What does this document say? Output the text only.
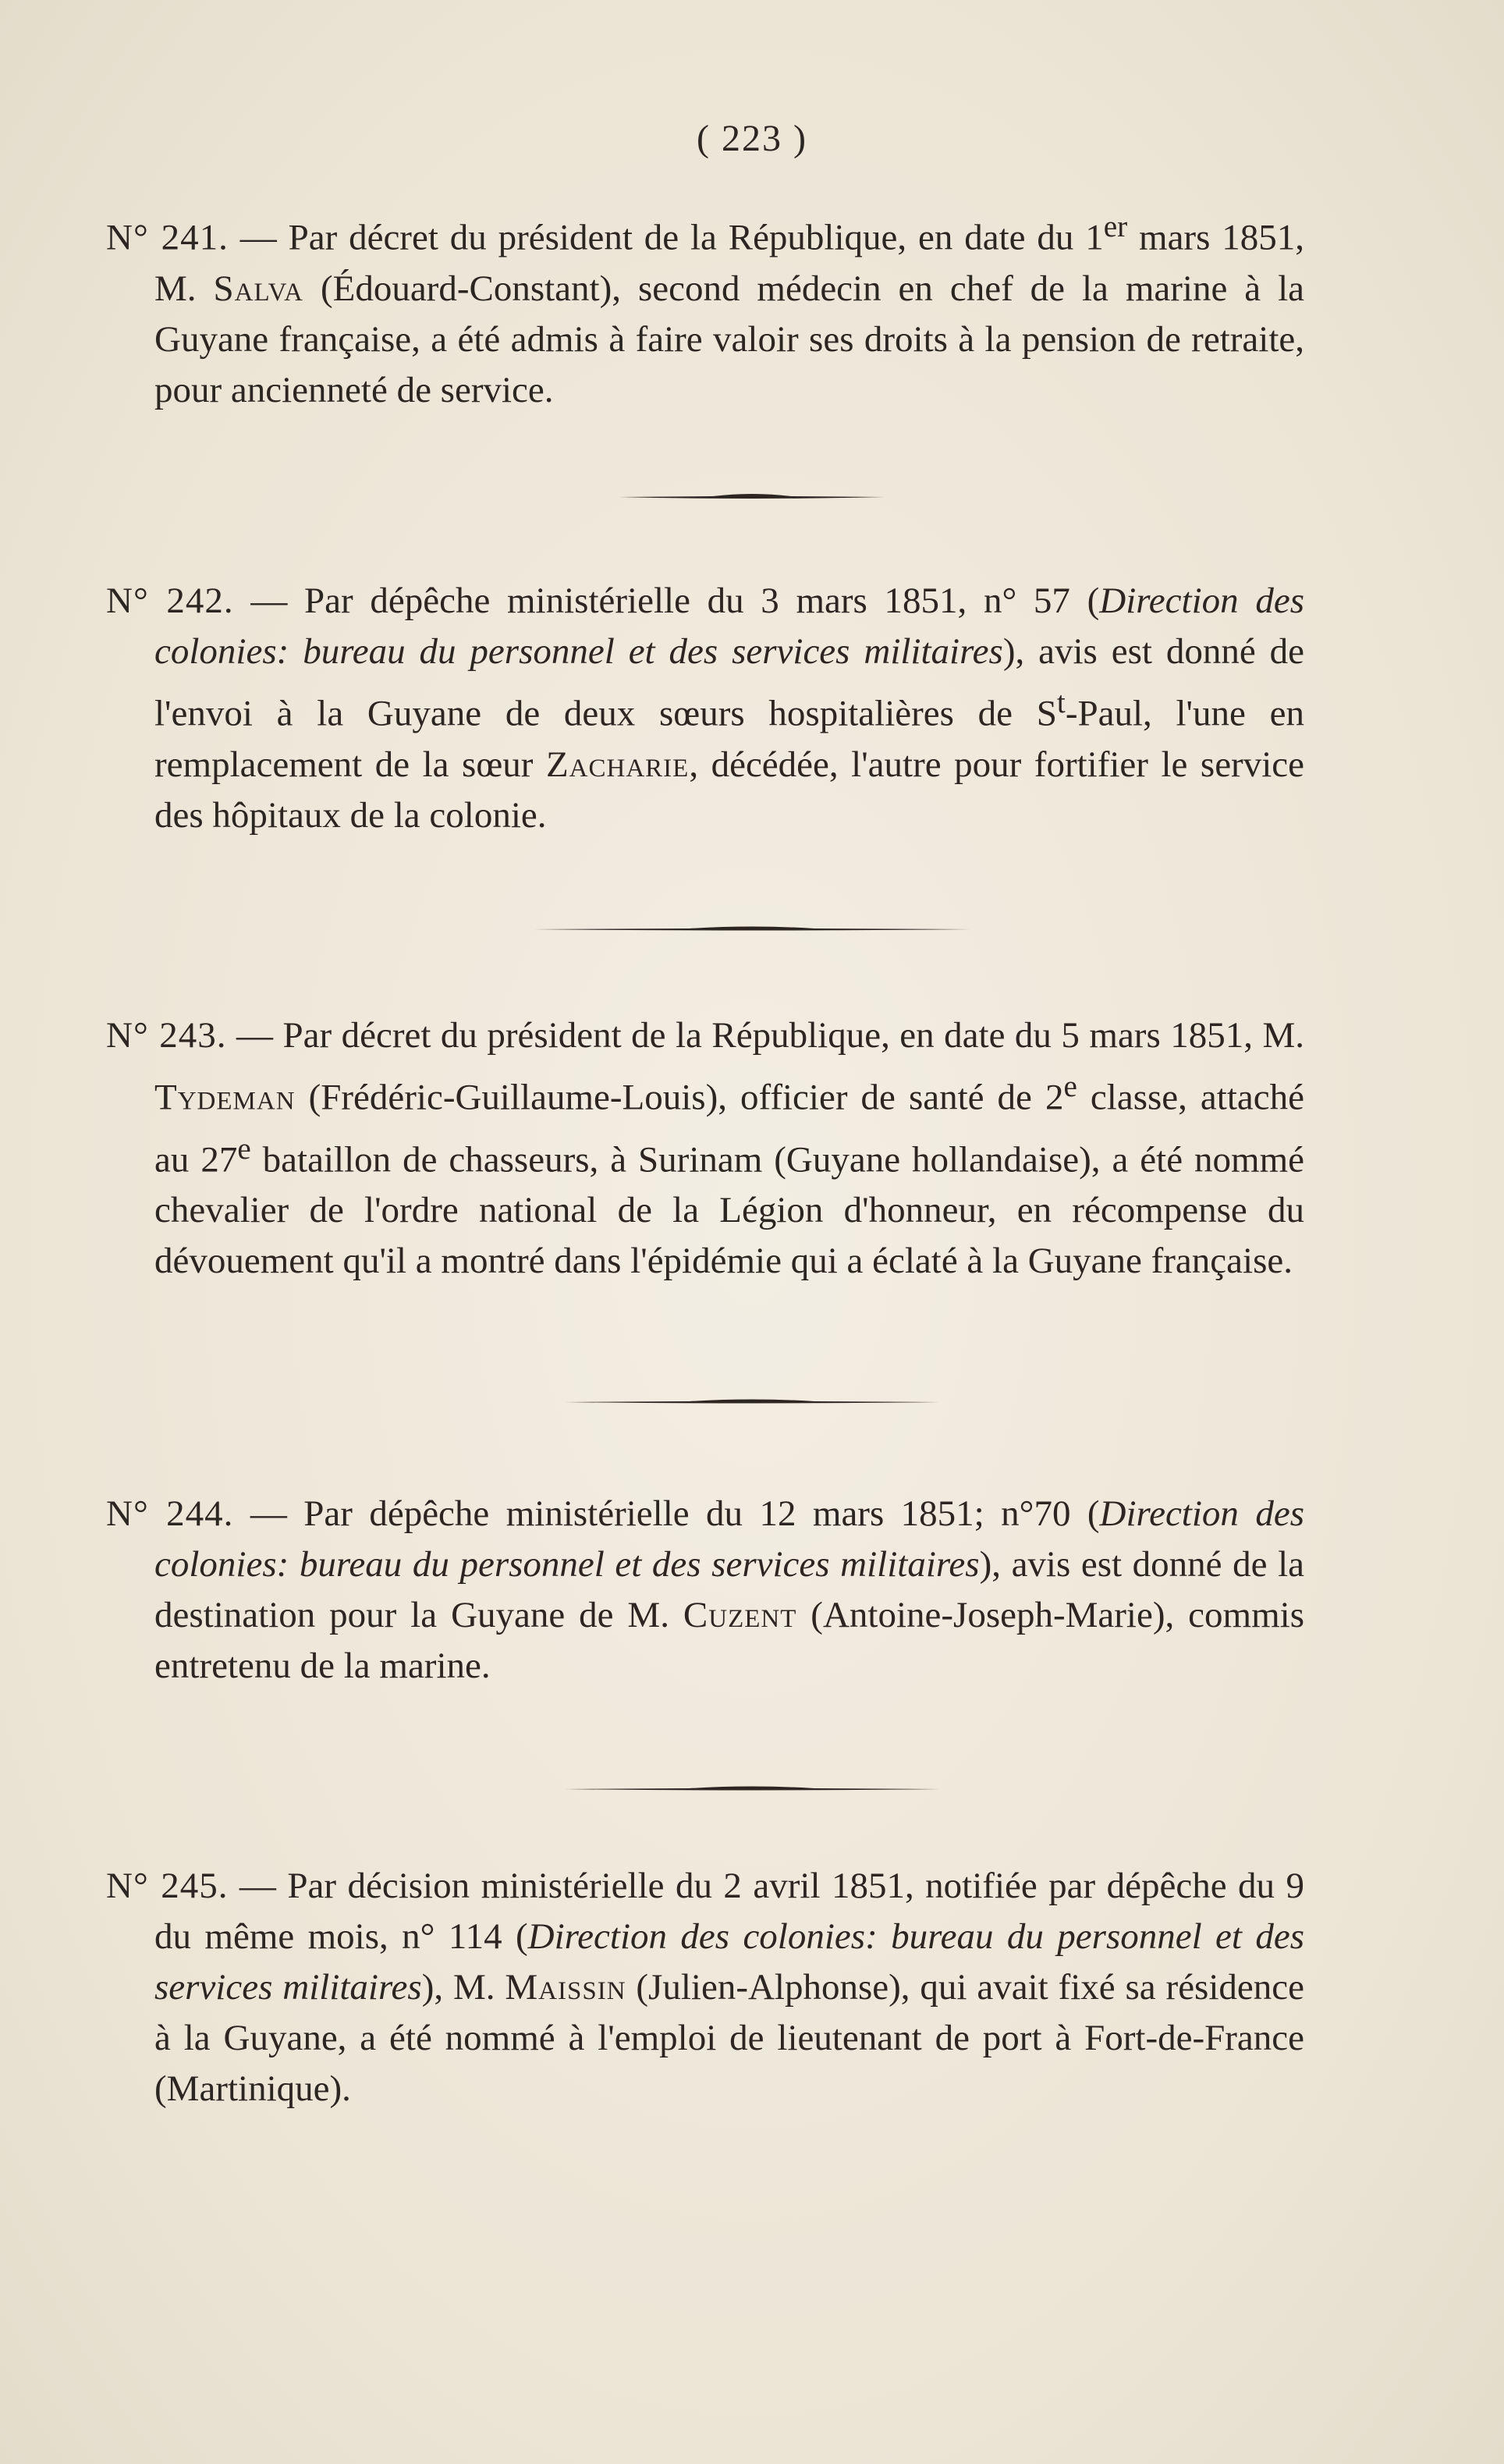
( 223 )

N° 241. — Par décret du président de la République, en date du 1er mars 1851, M. Salva (Édouard-Constant), second médecin en chef de la marine à la Guyane française, a été admis à faire valoir ses droits à la pension de retraite, pour ancienneté de service.

N° 242. — Par dépêche ministérielle du 3 mars 1851, n° 57 (Direction des colonies: bureau du personnel et des services militaires), avis est donné de l'envoi à la Guyane de deux sœurs hospitalières de $S^t$-Paul, l'une en remplacement de la sœur Zacharie, décédée, l'autre pour fortifier le service des hôpitaux de la colonie.

N° 243. — Par décret du président de la République, en date du 5 mars 1851, M. Tydeman (Frédéric-Guillaume-Louis), officier de santé de 2e classe, attaché au 27e bataillon de chasseurs, à Surinam (Guyane hollandaise), a été nommé chevalier de l'ordre national de la Légion d'honneur, en récompense du dévouement qu'il a montré dans l'épidémie qui a éclaté à la Guyane française.

N° 244. — Par dépêche ministérielle du 12 mars 1851; n°70 (Direction des colonies: bureau du personnel et des services militaires), avis est donné de la destination pour la Guyane de M. Cuzent (Antoine-Joseph-Marie), commis entretenu de la marine.

N° 245. — Par décision ministérielle du 2 avril 1851, notifiée par dépêche du 9 du même mois, n° 114 (Direction des colonies: bureau du personnel et des services militaires), M. Maissin (Julien-Alphonse), qui avait fixé sa résidence à la Guyane, a été nommé à l'emploi de lieutenant de port à Fort-de-France (Martinique).
